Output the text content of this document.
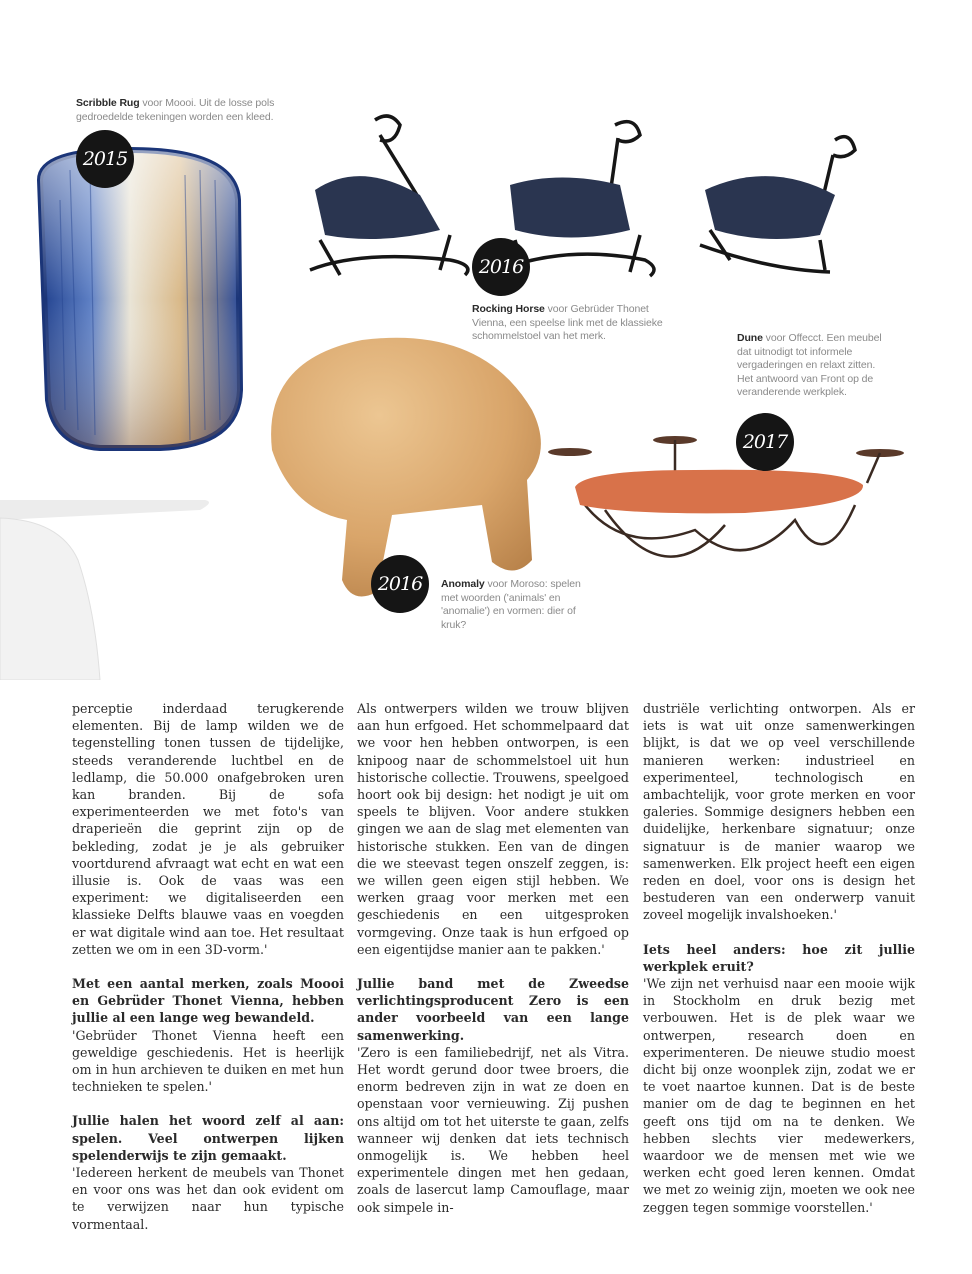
2015
2016
2017
2016
Scribble Rug voor Moooi. Uit de losse pols gedroedelde tekeningen worden een kleed.
Rocking Horse voor Gebrüder Thonet Vienna, een speelse link met de klassieke schommelstoel van het merk.	Dune voor Offecct. Een meubel dat uitnodigt tot informele vergaderingen en relaxt zitten. Het antwoord van Front op de veranderende werkplek.
Anomaly voor Moroso: spelen met woorden ('animals' en 'anomalie') en vormen: dier of kruk?

perceptie inderdaad terugkerende elementen. Bij de lamp wilden we de tegenstelling tonen tussen de tijdelijke, steeds veranderende luchtbel en de ledlamp, die 50.000 onafgebroken uren kan branden. Bij de sofa experimenteerden we met foto's van draperieën die geprint zijn op de bekleding, zodat je je als gebruiker voortdurend afvraagt wat echt en wat een illusie is. Ook de vaas was een experiment: we digitaliseerden een klassieke Delfts blauwe vaas en voegden er wat digitale wind aan toe. Het resultaat zetten we om in een 3D-vorm.'

Met een aantal merken, zoals Moooi en Gebrüder Thonet Vienna, hebben jullie al een lange weg bewandeld.

'Gebrüder Thonet Vienna heeft een geweldige geschiedenis. Het is heerlijk om in hun archieven te duiken en met hun technieken te spelen.'

Jullie halen het woord zelf al aan: spelen. Veel ontwerpen lijken spelenderwijs te zijn gemaakt.

'Iedereen herkent de meubels van Thonet en voor ons was het dan ook evident om te verwijzen naar hun typische vormentaal.

Als ontwerpers wilden we trouw blijven aan hun erfgoed. Het schommelpaard dat we voor hen hebben ontworpen, is een knipoog naar de schommelstoel uit hun historische collectie. Trouwens, speelgoed hoort ook bij design: het nodigt je uit om speels te blijven. Voor andere stukken gingen we aan de slag met elementen van historische stukken. Een van de dingen die we steevast tegen onszelf zeggen, is: we willen geen eigen stijl hebben. We werken graag voor merken met een geschiedenis en een uitgesproken vormgeving. Onze taak is hun erfgoed op een eigentijdse manier aan te pakken.'

Jullie band met de Zweedse verlichtingsproducent Zero is een ander voorbeeld van een lange samenwerking.

'Zero is een familiebedrijf, net als Vitra. Het wordt gerund door twee broers, die enorm bedreven zijn in wat ze doen en openstaan voor vernieuwing. Zij pushen ons altijd om tot het uiterste te gaan, zelfs wanneer wij denken dat iets technisch onmogelijk is. We hebben heel experimentele dingen met hen gedaan, zoals de lasercut lamp Camouflage, maar ook simpele in-

dustriële verlichting ontworpen. Als er iets is wat uit onze samenwerkingen blijkt, is dat we op veel verschillende manieren werken: industrieel en experimenteel, technologisch en ambachtelijk, voor grote merken en voor galeries. Sommige designers hebben een duidelijke, herkenbare signatuur; onze signatuur is de manier waarop we samenwerken. Elk project heeft een eigen reden en doel, voor ons is design het bestuderen van een onderwerp vanuit zoveel mogelijk invalshoeken.'

Iets heel anders: hoe zit jullie werkplek eruit?

'We zijn net verhuisd naar een mooie wijk in Stockholm en druk bezig met verbouwen. Het is de plek waar we ontwerpen, research doen en experimenteren. De nieuwe studio moest dicht bij onze woonplek zijn, zodat we er te voet naartoe kunnen. Dat is de beste manier om de dag te beginnen en het geeft ons tijd om na te denken. We hebben slechts vier medewerkers, waardoor we de mensen met wie we werken echt goed leren kennen. Omdat we met zo weinig zijn, moeten we ook nee zeggen tegen sommige voorstellen.'
